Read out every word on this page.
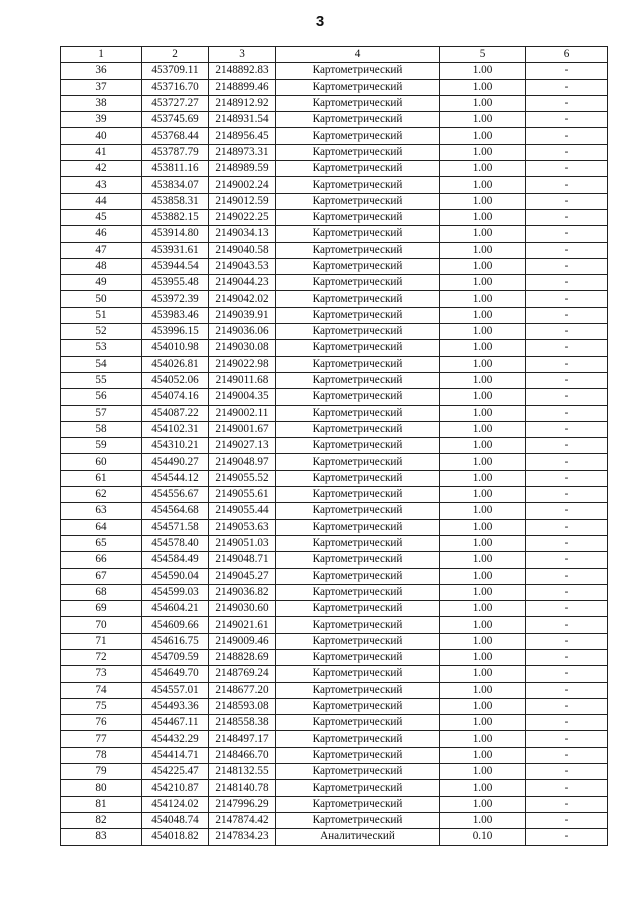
3
1	2	3	4	5	6
36	453709.11	2148892.83	Картометрический	1.00	-
37	453716.70	2148899.46	Картометрический	1.00	-
38	453727.27	2148912.92	Картометрический	1.00	-
39	453745.69	2148931.54	Картометрический	1.00	-
40	453768.44	2148956.45	Картометрический	1.00	-
41	453787.79	2148973.31	Картометрический	1.00	-
42	453811.16	2148989.59	Картометрический	1.00	-
43	453834.07	2149002.24	Картометрический	1.00	-
44	453858.31	2149012.59	Картометрический	1.00	-
45	453882.15	2149022.25	Картометрический	1.00	-
46	453914.80	2149034.13	Картометрический	1.00	-
47	453931.61	2149040.58	Картометрический	1.00	-
48	453944.54	2149043.53	Картометрический	1.00	-
49	453955.48	2149044.23	Картометрический	1.00	-
50	453972.39	2149042.02	Картометрический	1.00	-
51	453983.46	2149039.91	Картометрический	1.00	-
52	453996.15	2149036.06	Картометрический	1.00	-
53	454010.98	2149030.08	Картометрический	1.00	-
54	454026.81	2149022.98	Картометрический	1.00	-
55	454052.06	2149011.68	Картометрический	1.00	-
56	454074.16	2149004.35	Картометрический	1.00	-
57	454087.22	2149002.11	Картометрический	1.00	-
58	454102.31	2149001.67	Картометрический	1.00	-
59	454310.21	2149027.13	Картометрический	1.00	-
60	454490.27	2149048.97	Картометрический	1.00	-
61	454544.12	2149055.52	Картометрический	1.00	-
62	454556.67	2149055.61	Картометрический	1.00	-
63	454564.68	2149055.44	Картометрический	1.00	-
64	454571.58	2149053.63	Картометрический	1.00	-
65	454578.40	2149051.03	Картометрический	1.00	-
66	454584.49	2149048.71	Картометрический	1.00	-
67	454590.04	2149045.27	Картометрический	1.00	-
68	454599.03	2149036.82	Картометрический	1.00	-
69	454604.21	2149030.60	Картометрический	1.00	-
70	454609.66	2149021.61	Картометрический	1.00	-
71	454616.75	2149009.46	Картометрический	1.00	-
72	454709.59	2148828.69	Картометрический	1.00	-
73	454649.70	2148769.24	Картометрический	1.00	-
74	454557.01	2148677.20	Картометрический	1.00	-
75	454493.36	2148593.08	Картометрический	1.00	-
76	454467.11	2148558.38	Картометрический	1.00	-
77	454432.29	2148497.17	Картометрический	1.00	-
78	454414.71	2148466.70	Картометрический	1.00	-
79	454225.47	2148132.55	Картометрический	1.00	-
80	454210.87	2148140.78	Картометрический	1.00	-
81	454124.02	2147996.29	Картометрический	1.00	-
82	454048.74	2147874.42	Картометрический	1.00	-
83	454018.82	2147834.23	Аналитический	0.10	-
